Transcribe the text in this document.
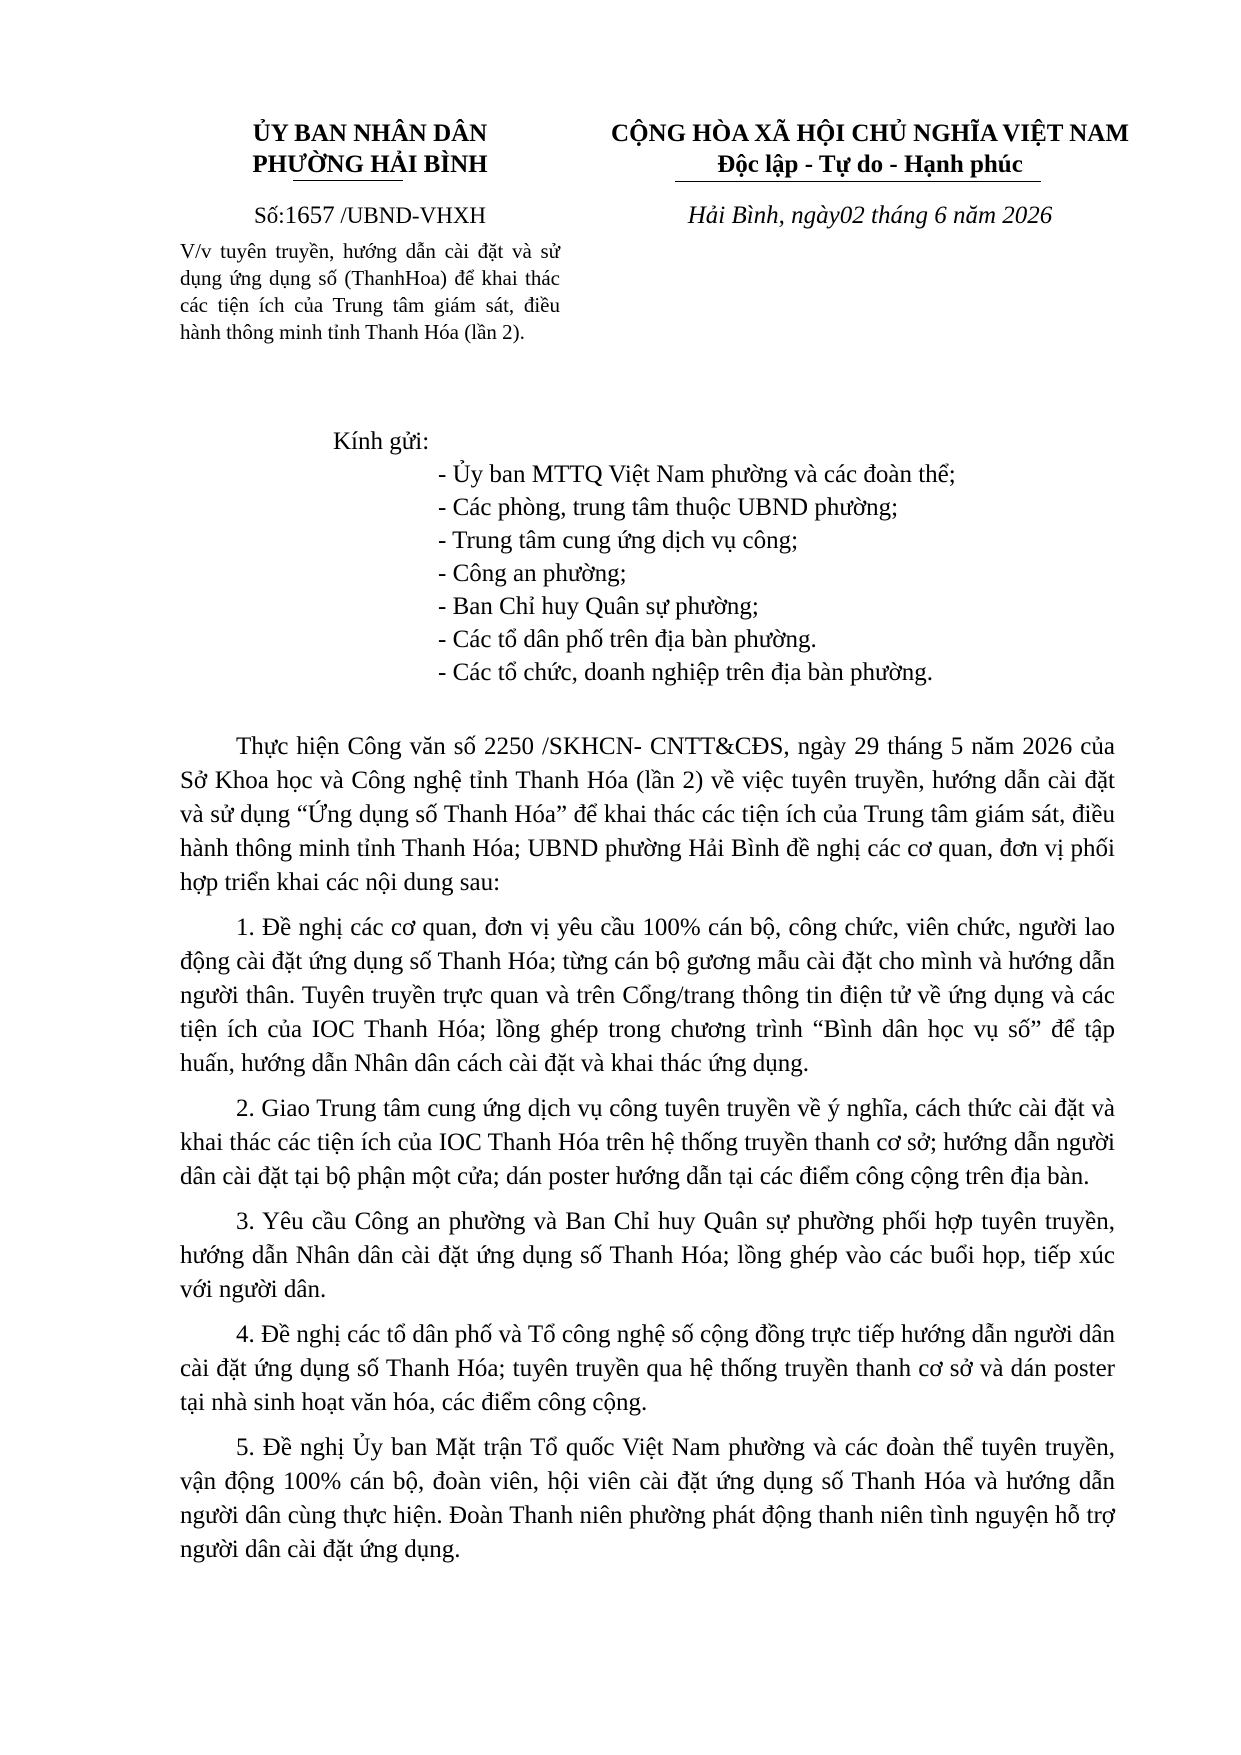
ỦY BAN NHÂN DÂN
PHƯỜNG HẢI BÌNH
Số:1657 /UBND-VHXH
V/v tuyên truyền, hướng dẫn cài đặt và sử dụng ứng dụng số (ThanhHoa) để khai thác các tiện ích của Trung tâm giám sát, điều hành thông minh tỉnh Thanh Hóa (lần 2).
CỘNG HÒA XÃ HỘI CHỦ NGHĨA VIỆT NAM
Độc lập - Tự do - Hạnh phúc
Hải Bình, ngày02 tháng 6 năm 2026
Kính gửi:
- Ủy ban MTTQ Việt Nam phường và các đoàn thể;
- Các phòng, trung tâm thuộc UBND phường;
- Trung tâm cung ứng dịch vụ công;
- Công an phường;
- Ban Chỉ huy Quân sự phường;
- Các tổ dân phố trên địa bàn phường.
- Các tổ chức, doanh nghiệp trên địa bàn phường.

Thực hiện Công văn số 2250 /SKHCN- CNTT&CĐS, ngày 29 tháng 5 năm 2026 của Sở Khoa học và Công nghệ tỉnh Thanh Hóa (lần 2) về việc tuyên truyền, hướng dẫn cài đặt và sử dụng “Ứng dụng số Thanh Hóa” để khai thác các tiện ích của Trung tâm giám sát, điều hành thông minh tỉnh Thanh Hóa; UBND phường Hải Bình đề nghị các cơ quan, đơn vị phối hợp triển khai các nội dung sau:

1. Đề nghị các cơ quan, đơn vị yêu cầu 100% cán bộ, công chức, viên chức, người lao động cài đặt ứng dụng số Thanh Hóa; từng cán bộ gương mẫu cài đặt cho mình và hướng dẫn người thân. Tuyên truyền trực quan và trên Cổng/trang thông tin điện tử về ứng dụng và các tiện ích của IOC Thanh Hóa; lồng ghép trong chương trình “Bình dân học vụ số” để tập huấn, hướng dẫn Nhân dân cách cài đặt và khai thác ứng dụng.

2. Giao Trung tâm cung ứng dịch vụ công tuyên truyền về ý nghĩa, cách thức cài đặt và khai thác các tiện ích của IOC Thanh Hóa trên hệ thống truyền thanh cơ sở; hướng dẫn người dân cài đặt tại bộ phận một cửa; dán poster hướng dẫn tại các điểm công cộng trên địa bàn.

3. Yêu cầu Công an phường và Ban Chỉ huy Quân sự phường phối hợp tuyên truyền, hướng dẫn Nhân dân cài đặt ứng dụng số Thanh Hóa; lồng ghép vào các buổi họp, tiếp xúc với người dân.

4. Đề nghị các tổ dân phố và Tổ công nghệ số cộng đồng trực tiếp hướng dẫn người dân cài đặt ứng dụng số Thanh Hóa; tuyên truyền qua hệ thống truyền thanh cơ sở và dán poster tại nhà sinh hoạt văn hóa, các điểm công cộng.

5. Đề nghị Ủy ban Mặt trận Tổ quốc Việt Nam phường và các đoàn thể tuyên truyền, vận động 100% cán bộ, đoàn viên, hội viên cài đặt ứng dụng số Thanh Hóa và hướng dẫn người dân cùng thực hiện. Đoàn Thanh niên phường phát động thanh niên tình nguyện hỗ trợ người dân cài đặt ứng dụng.
